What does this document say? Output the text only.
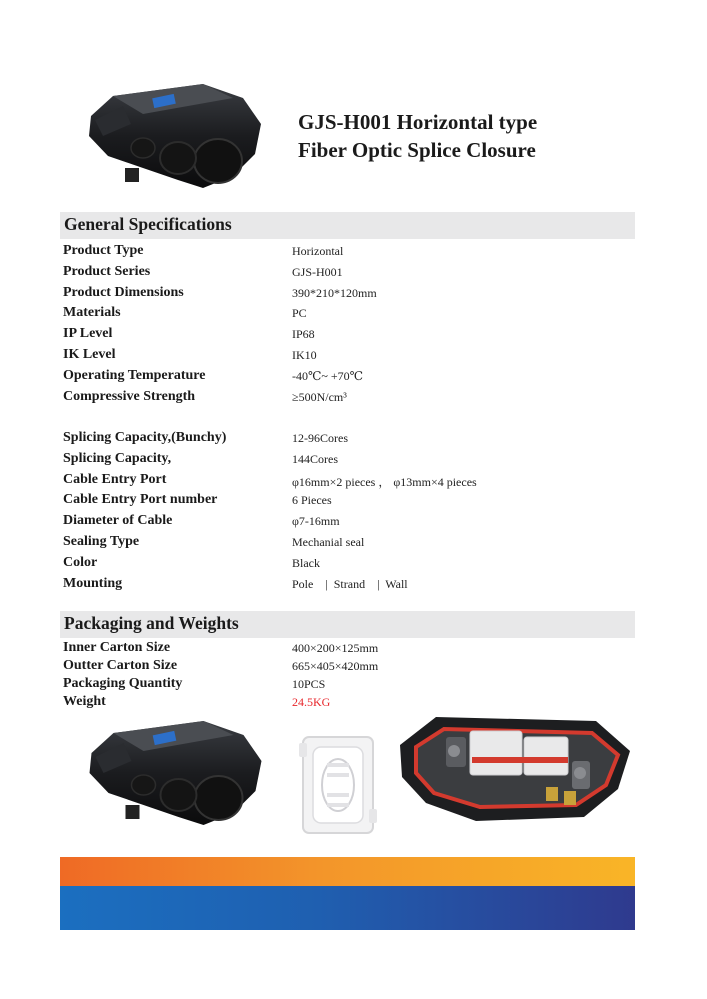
GJS-H001 Horizontal type
Fiber Optic Splice Closure
General Specifications
Product Type	Horizontal
Product Series	GJS-H001
Product Dimensions	390*210*120mm
Materials	PC
IP Level	IP68
IK Level	IK10
Operating Temperature	-40℃~ +70℃
Compressive Strength	≥500N/cm³
Splicing Capacity,(Bunchy)	12-96Cores
Splicing Capacity,	144Cores
Cable Entry Port	φ16mm×2 pieces ， φ13mm×4 pieces
Cable Entry Port number	6 Pieces
Diameter of Cable	φ7-16mm
Sealing Type	Mechanial seal
Color	Black
Mounting	Pole    |  Strand    |  Wall
Packaging and Weights
Inner Carton Size	400×200×125mm
Outter Carton Size	665×405×420mm
Packaging Quantity	10PCS
Weight	24.5KG
